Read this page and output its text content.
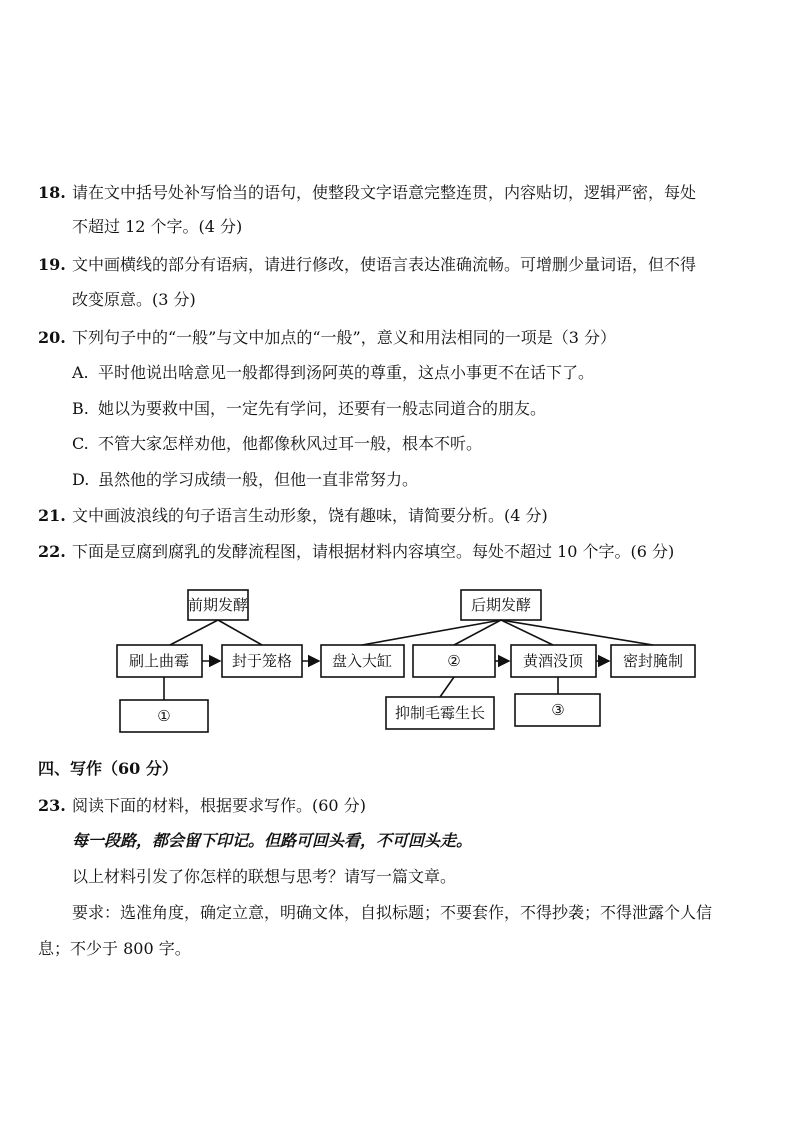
18. 请在文中括号处补写恰当的语句，使整段文字语意完整连贯，内容贴切，逻辑严密，每处
不超过 12 个字。(4 分)
19. 文中画横线的部分有语病，请进行修改，使语言表达准确流畅。可增删少量词语，但不得
改变原意。(3 分)
20. 下列句子中的“一般”与文中加点的“一般”，意义和用法相同的一项是（3 分）
A. 平时他说出啥意见一般都得到汤阿英的尊重，这点小事更不在话下了。
B. 她以为要救中国，一定先有学问，还要有一般志同道合的朋友。
C. 不管大家怎样劝他，他都像秋风过耳一般，根本不听。
D. 虽然他的学习成绩一般，但他一直非常努力。
21. 文中画波浪线的句子语言生动形象，饶有趣味，请简要分析。(4 分)
22. 下面是豆腐到腐乳的发酵流程图，请根据材料内容填空。每处不超过 10 个字。(6 分)
前期发酵	后期发酵
刷上曲霉	封于笼格	盘入大缸	②	黄酒没顶	密封腌制
①	抑制毛霉生长	③
四、写作（60 分）
23. 阅读下面的材料，根据要求写作。(60 分)
每一段路，都会留下印记。但路可回头看，不可回头走。
以上材料引发了你怎样的联想与思考？请写一篇文章。
要求：选准角度，确定立意，明确文体，自拟标题；不要套作，不得抄袭；不得泄露个人信
息；不少于 800 字。
